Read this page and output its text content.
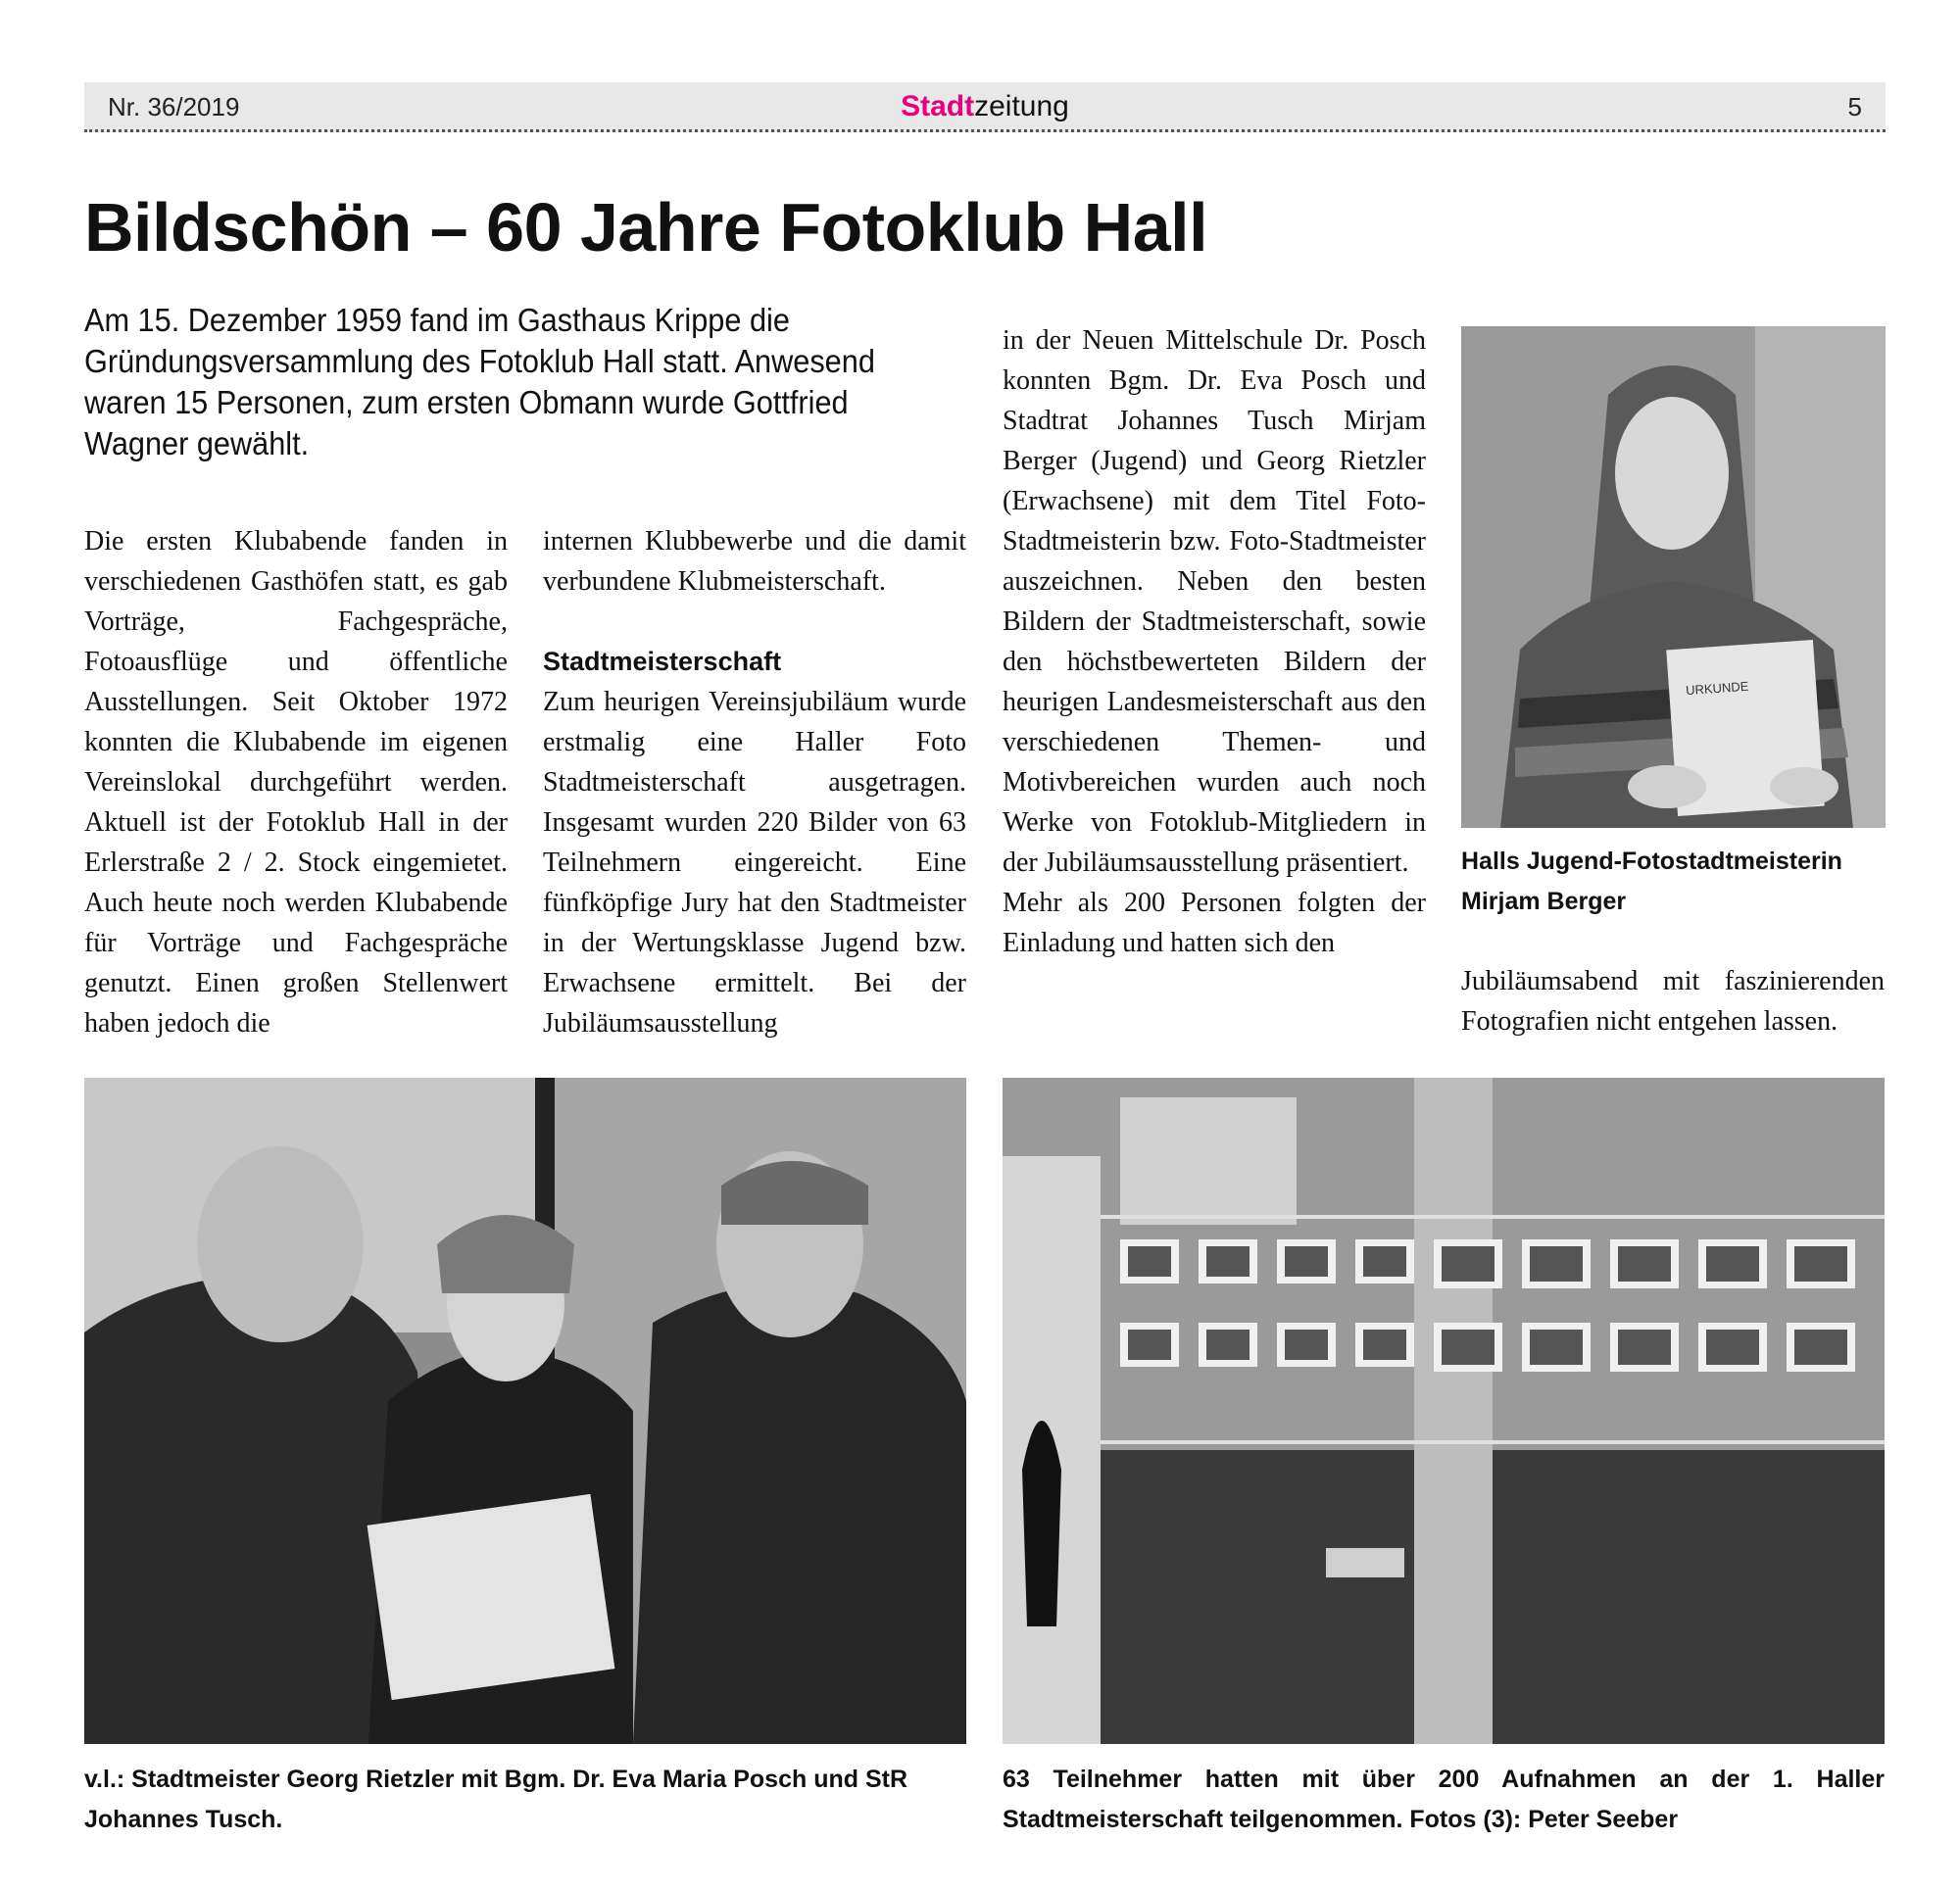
Nr. 36/2019	Stadtzeitung	5
Bildschön – 60 Jahre Fotoklub Hall
Am 15. Dezember 1959 fand im Gasthaus Krippe die Gründungsversammlung des Fotoklub Hall statt. Anwesend waren 15 Personen, zum ersten Obmann wurde Gottfried Wagner gewählt.

Die ersten Klubabende fanden in verschiedenen Gasthöfen statt, es gab Vorträge, Fachgespräche, Fotoausflüge und öffentliche Ausstellungen. Seit Oktober 1972 konnten die Klubabende im eigenen Vereinslokal durchgeführt werden. Aktuell ist der Fotoklub Hall in der Erlerstraße 2 / 2. Stock eingemietet. Auch heute noch werden Klubabende für Vorträge und Fachgespräche genutzt. Einen großen Stellenwert haben jedoch die

internen Klubbewerbe und die damit verbundene Klubmeisterschaft.

Stadtmeisterschaft

Zum heurigen Vereinsjubiläum wurde erstmalig eine Haller Foto Stadtmeisterschaft ausgetragen. Insgesamt wurden 220 Bilder von 63 Teilnehmern eingereicht. Eine fünfköpfige Jury hat den Stadtmeister in der Wertungsklasse Jugend bzw. Erwachsene ermittelt. Bei der Jubiläumsausstellung

in der Neuen Mittelschule Dr. Posch konnten Bgm. Dr. Eva Posch und Stadtrat Johannes Tusch Mirjam Berger (Jugend) und Georg Rietzler (Erwachsene) mit dem Titel Foto-Stadtmeisterin bzw. Foto-Stadtmeister auszeichnen. Neben den besten Bildern der Stadtmeisterschaft, sowie den höchstbewerteten Bildern der heurigen Landesmeisterschaft aus den verschiedenen Themen- und Motivbereichen wurden auch noch Werke von Fotoklub-Mitgliedern in der Jubiläumsausstellung präsentiert.

Mehr als 200 Personen folgten der Einladung und hatten sich den

Jubiläumsabend mit faszinierenden Fotografien nicht entgehen lassen.

URKUNDE
Halls Jugend-Fotostadtmeisterin Mirjam Berger
v.l.: Stadtmeister Georg Rietzler mit Bgm. Dr. Eva Maria Posch und StR Johannes Tusch.
63 Teilnehmer hatten mit über 200 Aufnahmen an der 1. Haller Stadtmeisterschaft teilgenommen. Fotos (3): Peter Seeber
